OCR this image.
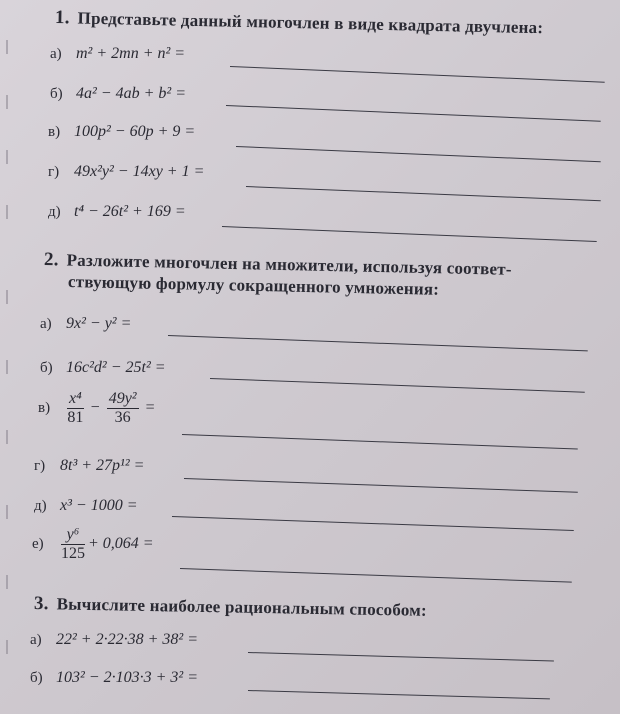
1. Представьте данный многочлен в виде квадрата двучлена:
а) m² + 2mn + n² =
б) 4a² − 4ab + b² =
в) 100p² − 60p + 9 =
г) 49x²y² − 14xy + 1 =
д) t⁴ − 26t² + 169 =
2. Разложите многочлен на множители, используя соответ-
ствующую формулу сокращенного умножения:
а) 9x² − y² =
б) 16c²d² − 25t² =
$в) \frac{\text{x⁴}}{81} - \frac{\text{49y²}}{36}$ =
г) 8t³ + 27p¹² =
д) x³ − 1000 =
$е) \frac{\text{y⁶}}{125} + 0,064$ =
3. Вычислите наиболее рациональным способом:
а) 22² + 2·22·38 + 38² =
б) 103² − 2·103·3 + 3² =
